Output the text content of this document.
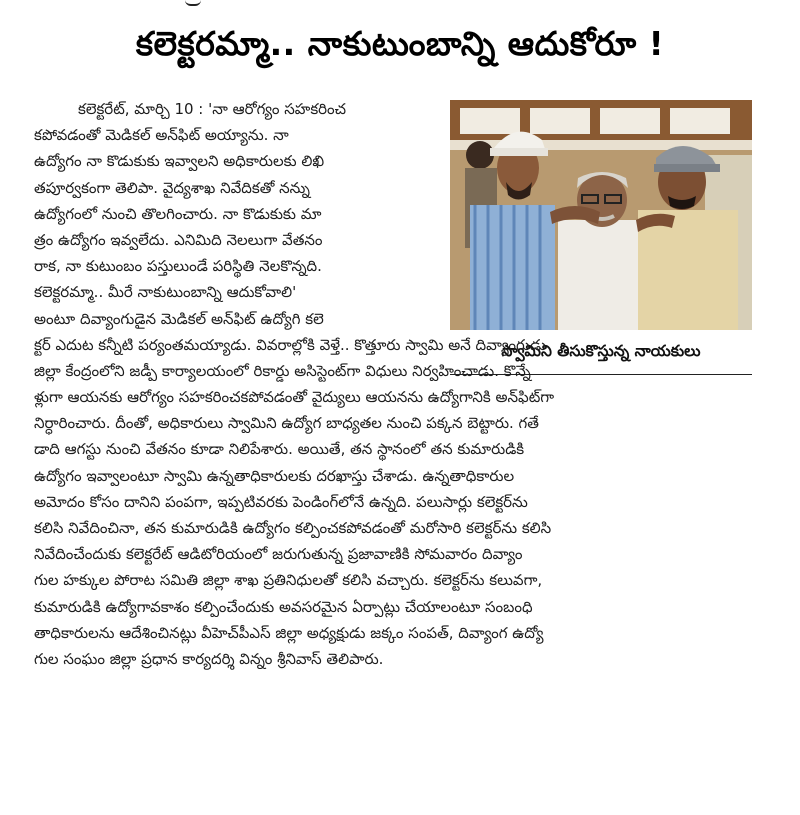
కలెక్టరమ్మా.. నాకుటుంబాన్ని ఆదుకోరూ !
స్వామిని తీసుకొస్తున్న నాయకులు
కలెక్టరేట్, మార్చి 10 : 'నా ఆరోగ్యం సహకరించ
కపోవడంతో మెడికల్ అన్‌ఫిట్ అయ్యాను. నా
ఉద్యోగం నా కొడుకుకు ఇవ్వాలని అధికారులకు లిఖి
తపూర్వకంగా తెలిపా. వైద్యశాఖ నివేదికతో నన్ను
ఉద్యోగంలో నుంచి తొలగించారు. నా కొడుకుకు మా
త్రం ఉద్యోగం ఇవ్వలేదు. ఎనిమిది నెలలుగా వేతనం
రాక, నా కుటుంబం పస్తులుండే పరిస్థితి నెలకొన్నది.
కలెక్టరమ్మా.. మీరే నాకుటుంబాన్ని ఆదుకోవాలి'
అంటూ దివ్యాంగుడైన మెడికల్ అన్‌ఫిట్ ఉద్యోగి కలె
క్టర్ ఎదుట కన్నీటి పర్యంతమయ్యాడు. వివరాల్లోకి వెళ్తే.. కొత్తూరు స్వామి అనే దివ్యాంగుడు
జిల్లా కేంద్రంలోని జడ్పీ కార్యాలయంలో రికార్డు అసిస్టెంట్‌గా విధులు నిర్వహించాడు. కొన్నే
ళ్లుగా ఆయనకు ఆరోగ్యం సహకరించకపోవడంతో వైద్యులు ఆయనను ఉద్యోగానికి అన్‌ఫిట్‌గా
నిర్ధారించారు. దీంతో, అధికారులు స్వామిని ఉద్యోగ బాధ్యతల నుంచి పక్కన బెట్టారు. గతే
డాది ఆగస్టు నుంచి వేతనం కూడా నిలిపేశారు. అయితే, తన స్థానంలో తన కుమారుడికి
ఉద్యోగం ఇవ్వాలంటూ స్వామి ఉన్నతాధికారులకు దరఖాస్తు చేశాడు. ఉన్నతాధికారుల
అమోదం కోసం దానిని పంపగా, ఇప్పటివరకు పెండింగ్‌లోనే ఉన్నది. పలుసార్లు కలెక్టర్‌ను
కలిసి నివేదించినా, తన కుమారుడికి ఉద్యోగం కల్పించకపోవడంతో మరోసారి కలెక్టర్‌ను కలిసి
నివేదించేందుకు కలెక్టరేట్ ఆడిటోరియంలో జరుగుతున్న ప్రజావాణికి సోమవారం దివ్యాం
గుల హక్కుల పోరాట సమితి జిల్లా శాఖ ప్రతినిధులతో కలిసి వచ్చారు. కలెక్టర్‌ను కలువగా,
కుమారుడికి ఉద్యోగావకాశం కల్పించేందుకు అవసరమైన ఏర్పాట్లు చేయాలంటూ సంబంధి
తాధికారులను ఆదేశించినట్లు వీహెచ్‌పీఎస్ జిల్లా అధ్యక్షుడు జక్కం సంపత్, దివ్యాంగ ఉద్యో
గుల సంఘం జిల్లా ప్రధాన కార్యదర్శి విన్నం శ్రీనివాస్ తెలిపారు.
